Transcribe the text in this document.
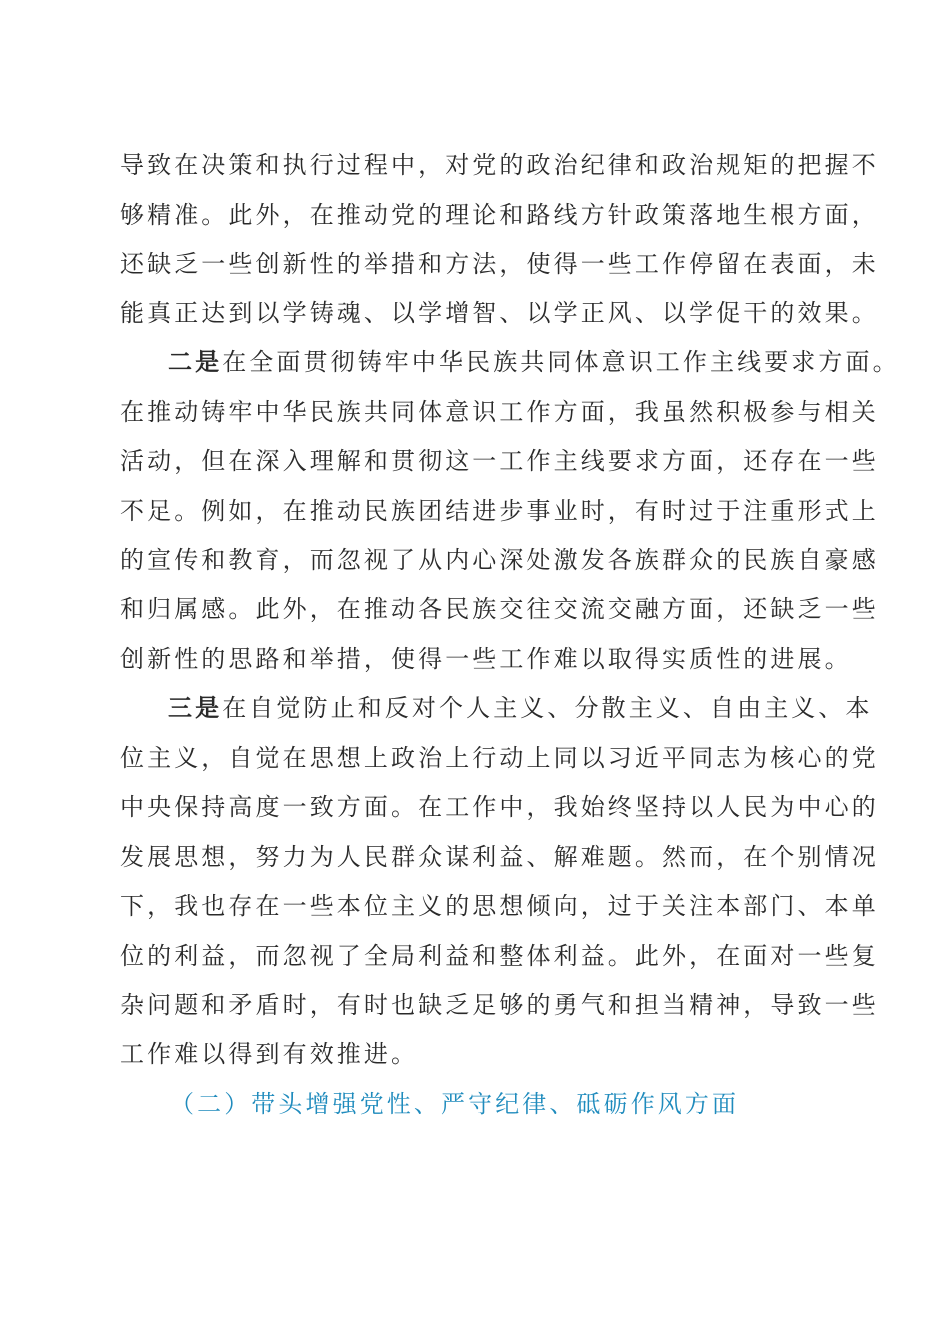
导致在决策和执行过程中，对党的政治纪律和政治规矩的把握不
够精准。此外，在推动党的理论和路线方针政策落地生根方面，
还缺乏一些创新性的举措和方法，使得一些工作停留在表面，未
能真正达到以学铸魂、以学增智、以学正风、以学促干的效果。
二是在全面贯彻铸牢中华民族共同体意识工作主线要求方面。
在推动铸牢中华民族共同体意识工作方面，我虽然积极参与相关
活动，但在深入理解和贯彻这一工作主线要求方面，还存在一些
不足。例如，在推动民族团结进步事业时，有时过于注重形式上
的宣传和教育，而忽视了从内心深处激发各族群众的民族自豪感
和归属感。此外，在推动各民族交往交流交融方面，还缺乏一些
创新性的思路和举措，使得一些工作难以取得实质性的进展。
三是在自觉防止和反对个人主义、分散主义、自由主义、本
位主义，自觉在思想上政治上行动上同以习近平同志为核心的党
中央保持高度一致方面。在工作中，我始终坚持以人民为中心的
发展思想，努力为人民群众谋利益、解难题。然而，在个别情况
下，我也存在一些本位主义的思想倾向，过于关注本部门、本单
位的利益，而忽视了全局利益和整体利益。此外，在面对一些复
杂问题和矛盾时，有时也缺乏足够的勇气和担当精神，导致一些
工作难以得到有效推进。
（二）带头增强党性、严守纪律、砥砺作风方面
